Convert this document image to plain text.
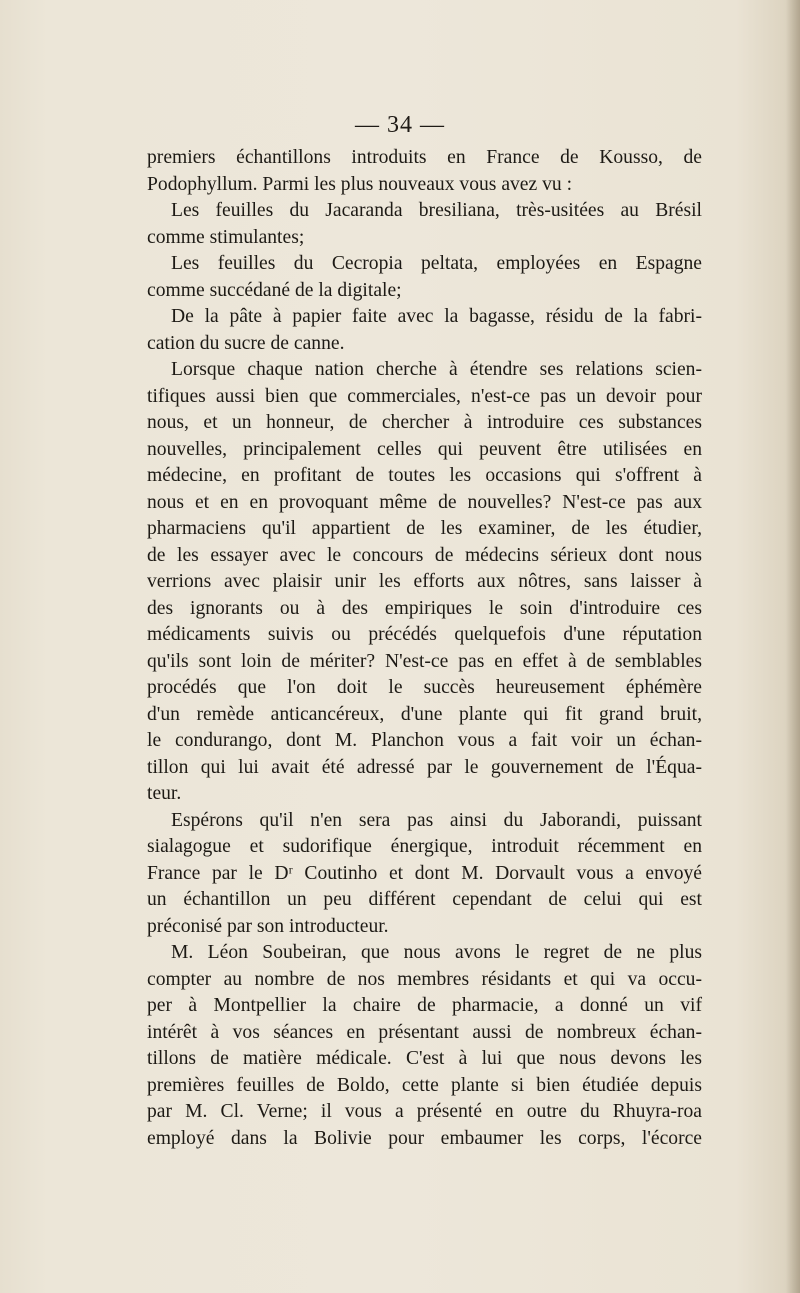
— 34 —

premiers échantillons introduits en France de Kousso, de

Podophyllum. Parmi les plus nouveaux vous avez vu :

Les feuilles du Jacaranda bresiliana, très-usitées au Brésil

comme stimulantes;

Les feuilles du Cecropia peltata, employées en Espagne

comme succédané de la digitale;

De la pâte à papier faite avec la bagasse, résidu de la fabri-

cation du sucre de canne.

Lorsque chaque nation cherche à étendre ses relations scien-

tifiques aussi bien que commerciales, n'est-ce pas un devoir pour

nous, et un honneur, de chercher à introduire ces substances

nouvelles, principalement celles qui peuvent être utilisées en

médecine, en profitant de toutes les occasions qui s'offrent à

nous et en en provoquant même de nouvelles? N'est-ce pas aux

pharmaciens qu'il appartient de les examiner, de les étudier,

de les essayer avec le concours de médecins sérieux dont nous

verrions avec plaisir unir les efforts aux nôtres, sans laisser à

des ignorants ou à des empiriques le soin d'introduire ces

médicaments suivis ou précédés quelquefois d'une réputation

qu'ils sont loin de mériter? N'est-ce pas en effet à de semblables

procédés que l'on doit le succès heureusement éphémère

d'un remède anticancéreux, d'une plante qui fit grand bruit,

le condurango, dont M. Planchon vous a fait voir un échan-

tillon qui lui avait été adressé par le gouvernement de l'Équa-

teur.

Espérons qu'il n'en sera pas ainsi du Jaborandi, puissant

sialagogue et sudorifique énergique, introduit récemment en

France par le Dʳ Coutinho et dont M. Dorvault vous a envoyé

un échantillon un peu différent cependant de celui qui est

préconisé par son introducteur.

M. Léon Soubeiran, que nous avons le regret de ne plus

compter au nombre de nos membres résidants et qui va occu-

per à Montpellier la chaire de pharmacie, a donné un vif

intérêt à vos séances en présentant aussi de nombreux échan-

tillons de matière médicale. C'est à lui que nous devons les

premières feuilles de Boldo, cette plante si bien étudiée depuis

par M. Cl. Verne; il vous a présenté en outre du Rhuyra-roa

employé dans la Bolivie pour embaumer les corps, l'écorce
